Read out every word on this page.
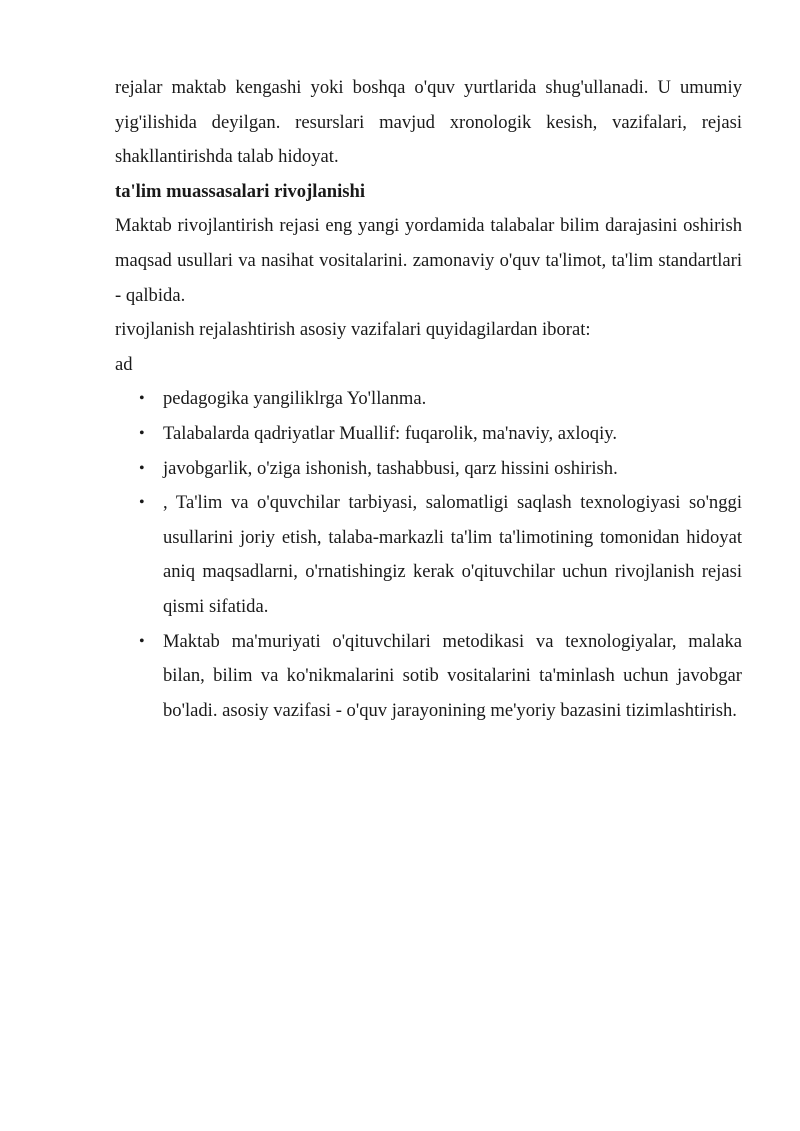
rejalar maktab kengashi yoki boshqa o'quv yurtlarida shug'ullanadi. U umumiy yig'ilishida deyilgan. resurslari mavjud xronologik kesish, vazifalari, rejasi shakllantirishda talab hidoyat.

ta'lim muassasalari rivojlanishi

Maktab rivojlantirish rejasi eng yangi yordamida talabalar bilim darajasini oshirish maqsad usullari va nasihat vositalarini. zamonaviy o'quv ta'limot, ta'lim standartlari - qalbida.

rivojlanish rejalashtirish asosiy vazifalari quyidagilardan iborat:

ad

• pedagogika yangiliklrga Yo'llanma.
• Talabalarda qadriyatlar Muallif: fuqarolik, ma'naviy, axloqiy.
• javobgarlik, o'ziga ishonish, tashabbusi, qarz hissini oshirish.
• , Ta'lim va o'quvchilar tarbiyasi, salomatligi saqlash texnologiyasi so'nggi usullarini joriy etish, talaba-markazli ta'lim ta'limotining tomonidan hidoyat aniq maqsadlarni, o'rnatishingiz kerak o'qituvchilar uchun rivojlanish rejasi qismi sifatida.
• Maktab ma'muriyati o'qituvchilari metodikasi va texnologiyalar, malaka bilan, bilim va ko'nikmalarini sotib vositalarini ta'minlash uchun javobgar bo'ladi. asosiy vazifasi - o'quv jarayonining me'yoriy bazasini tizimlashtirish.
